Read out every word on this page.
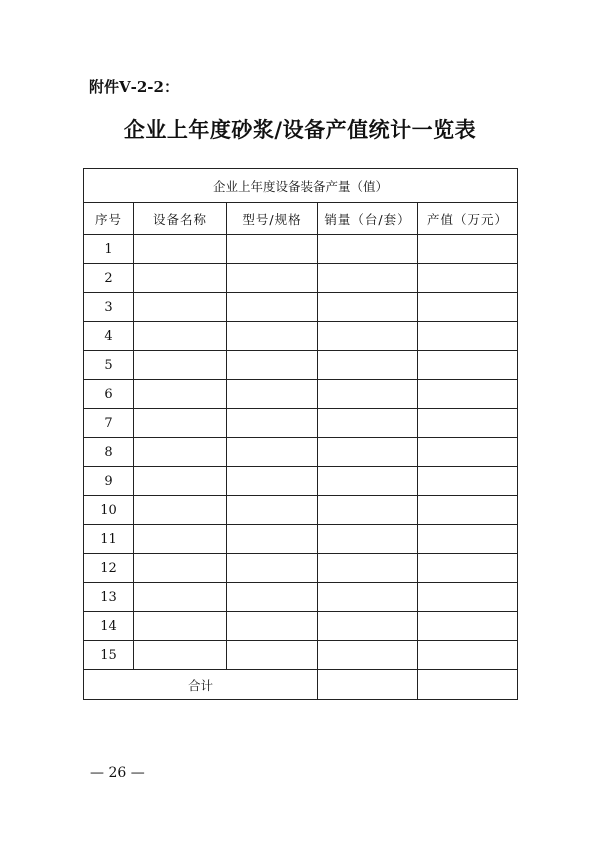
附件Ⅴ-2-2：
企业上年度砂浆/设备产值统计一览表
企业上年度设备装备产量（值）				
序号	设备名称	型号/规格	销量（台/套）	产值（万元）
1				
2				
3				
4				
5				
6				
7				
8				
9				
10				
11				
12				
13				
14				
15				
合计				
— 26 —
